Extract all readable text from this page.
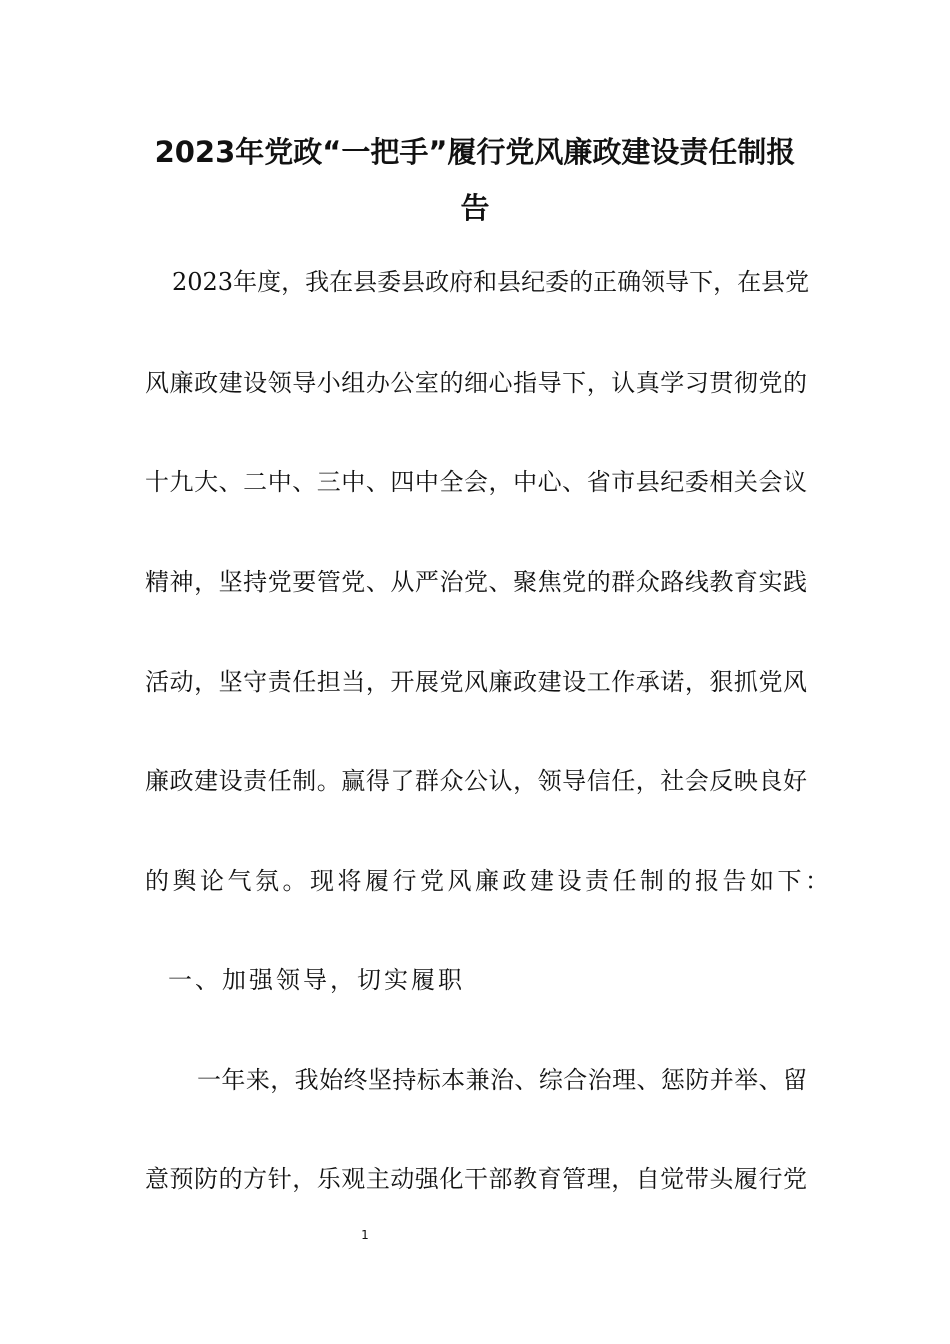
2023年党政“一把手”履行党风廉政建设责任制报
告
2023年度，我在县委县政府和县纪委的正确领导下，在县党
风廉政建设领导小组办公室的细心指导下，认真学习贯彻党的
十九大、二中、三中、四中全会，中心、省市县纪委相关会议
精神，坚持党要管党、从严治党、聚焦党的群众路线教育实践
活动，坚守责任担当，开展党风廉政建设工作承诺，狠抓党风
廉政建设责任制。赢得了群众公认，领导信任，社会反映良好
的舆论气氛。现将履行党风廉政建设责任制的报告如下：
一、加强领导，切实履职
一年来，我始终坚持标本兼治、综合治理、惩防并举、留
意预防的方针，乐观主动强化干部教育管理，自觉带头履行党
1
